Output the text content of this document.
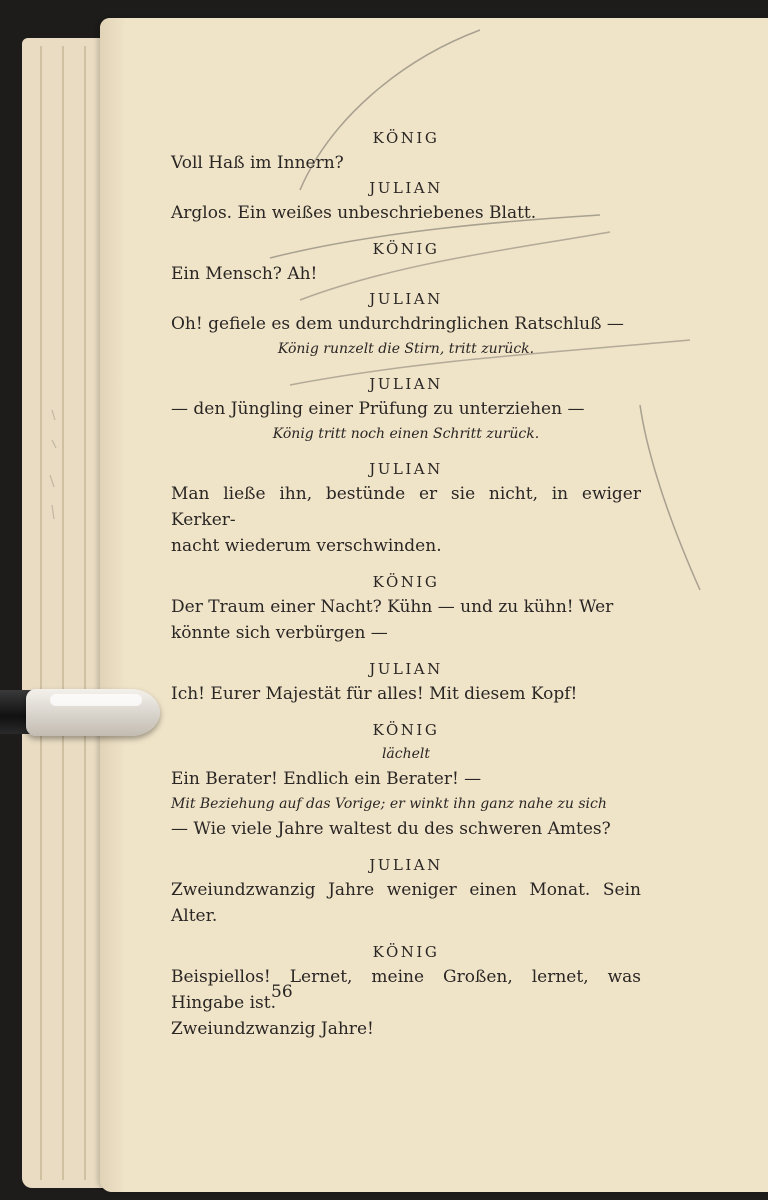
KÖNIG
Voll Haß im Innern?
JULIAN
Arglos. Ein weißes unbeschriebenes Blatt.
KÖNIG
Ein Mensch? Ah!
JULIAN
Oh! gefiele es dem undurchdringlichen Ratschluß —
König runzelt die Stirn, tritt zurück.
JULIAN
— den Jüngling einer Prüfung zu unterziehen —
König tritt noch einen Schritt zurück.
JULIAN
Man ließe ihn, bestünde er sie nicht, in ewiger Kerker-
nacht wiederum verschwinden.
KÖNIG
Der Traum einer Nacht? Kühn — und zu kühn! Wer
könnte sich verbürgen —
JULIAN
Ich! Eurer Majestät für alles! Mit diesem Kopf!
KÖNIG
lächelt
Ein Berater! Endlich ein Berater! —
Mit Beziehung auf das Vorige; er winkt ihn ganz nahe zu sich
— Wie viele Jahre waltest du des schweren Amtes?
JULIAN
Zweiundzwanzig Jahre weniger einen Monat. Sein Alter.
KÖNIG
Beispiellos! Lernet, meine Großen, lernet, was Hingabe ist.
Zweiundzwanzig Jahre!
56
